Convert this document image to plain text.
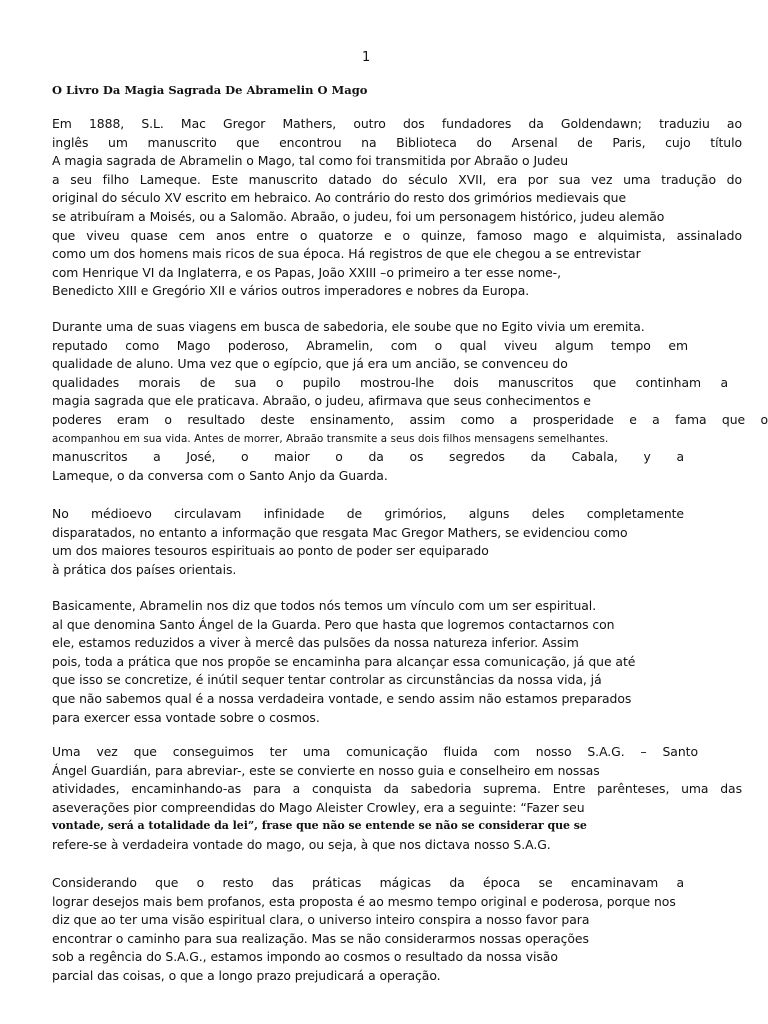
1
O Livro Da Magia Sagrada De Abramelin O Mago
Em 1888, S.L. Mac Gregor Mathers, outro dos fundadores da Goldendawn; traduziu ao
inglês um manuscrito que encontrou na Biblioteca do Arsenal de Paris, cujo título
A magia sagrada de Abramelin o Mago, tal como foi transmitida por Abraão o Judeu
a seu filho Lameque. Este manuscrito datado do século XVII, era por sua vez uma tradução do
original do século XV escrito em hebraico. Ao contrário do resto dos grimórios medievais que
se atribuíram a Moisés, ou a Salomão. Abraão, o judeu, foi um personagem histórico, judeu alemão
que viveu quase cem anos entre o quatorze e o quinze, famoso mago e alquimista, assinalado
como um dos homens mais ricos de sua época. Há registros de que ele chegou a se entrevistar
com Henrique VI da Inglaterra, e os Papas, João XXIII –o primeiro a ter esse nome-,
Benedicto XIII e Gregório XII e vários outros imperadores e nobres da Europa.
Durante uma de suas viagens em busca de sabedoria, ele soube que no Egito vivia um eremita.
reputado como Mago poderoso, Abramelin, com o qual viveu algum tempo em
qualidade de aluno. Uma vez que o egípcio, que já era um ancião, se convenceu do
qualidades morais de sua o pupilo mostrou-lhe dois manuscritos que continham a
magia sagrada que ele praticava. Abraão, o judeu, afirmava que seus conhecimentos e
poderes eram o resultado deste ensinamento, assim como a prosperidade e a fama que o
acompanhou em sua vida. Antes de morrer, Abraão transmite a seus dois filhos mensagens semelhantes.
manuscritos a José, o maior o da os segredos da Cabala, y a
Lameque, o da conversa com o Santo Anjo da Guarda.
No médioevo circulavam infinidade de grimórios, alguns deles completamente
disparatados, no entanto a informação que resgata Mac Gregor Mathers, se evidenciou como
um dos maiores tesouros espirituais ao ponto de poder ser equiparado
à prática dos países orientais.
Basicamente, Abramelin nos diz que todos nós temos um vínculo com um ser espiritual.
al que denomina Santo Ángel de la Guarda. Pero que hasta que logremos contactarnos con
ele, estamos reduzidos a viver à mercê das pulsões da nossa natureza inferior. Assim
pois, toda a prática que nos propõe se encaminha para alcançar essa comunicação, já que até
que isso se concretize, é inútil sequer tentar controlar as circunstâncias da nossa vida, já
que não sabemos qual é a nossa verdadeira vontade, e sendo assim não estamos preparados
para exercer essa vontade sobre o cosmos.
Uma vez que conseguimos ter uma comunicação fluida com nosso S.A.G. – Santo
Ángel Guardián, para abreviar-, este se convierte en nosso guia e conselheiro em nossas
atividades, encaminhando-as para a conquista da sabedoria suprema. Entre parênteses, uma das
aseverações pior compreendidas do Mago Aleister Crowley, era a seguinte: “Fazer seu
vontade, será a totalidade da lei”, frase que não se entende se não se considerar que se
refere-se à verdadeira vontade do mago, ou seja, à que nos dictava nosso S.A.G.
Considerando que o resto das práticas mágicas da época se encaminavam a
lograr desejos mais bem profanos, esta proposta é ao mesmo tempo original e poderosa, porque nos
diz que ao ter uma visão espiritual clara, o universo inteiro conspira a nosso favor para
encontrar o caminho para sua realização. Mas se não considerarmos nossas operações
sob a regência do S.A.G., estamos impondo ao cosmos o resultado da nossa visão
parcial das coisas, o que a longo prazo prejudicará a operação.
